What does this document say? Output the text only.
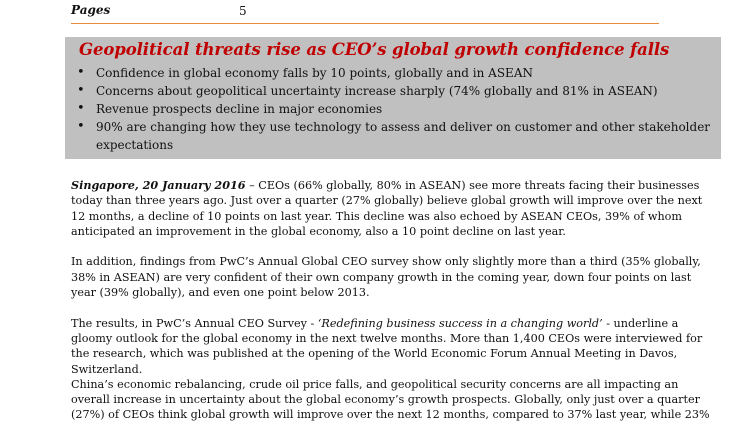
Pages	5
Geopolitical threats rise as CEO’s global growth confidence falls
• Confidence in global economy falls by 10 points, globally and in ASEAN
• Concerns about geopolitical uncertainty increase sharply (74% globally and 81% in ASEAN)
• Revenue prospects decline in major economies
• 90% are changing how they use technology to assess and deliver on customer and other stakeholder expectations

Singapore, 20 January 2016 – CEOs (66% globally, 80% in ASEAN) see more threats facing their businesses today than three years ago. Just over a quarter (27% globally) believe global growth will improve over the next 12 months, a decline of 10 points on last year. This decline was also echoed by ASEAN CEOs, 39% of whom anticipated an improvement in the global economy, also a 10 point decline on last year.

In addition, findings from PwC’s Annual Global CEO survey show only slightly more than a third (35% globally, 38% in ASEAN) are very confident of their own company growth in the coming year, down four points on last year (39% globally), and even one point below 2013.

The results, in PwC’s Annual CEO Survey - ‘Redefining business success in a changing world’ - underline a gloomy outlook for the global economy in the next twelve months. More than 1,400 CEOs were interviewed for the research, which was published at the opening of the World Economic Forum Annual Meeting in Davos, Switzerland.

China’s economic rebalancing, crude oil price falls, and geopolitical security concerns are all impacting an overall increase in uncertainty about the global economy’s growth prospects. Globally, only just over a quarter (27%) of CEOs think global growth will improve over the next 12 months, compared to 37% last year, while 23%
